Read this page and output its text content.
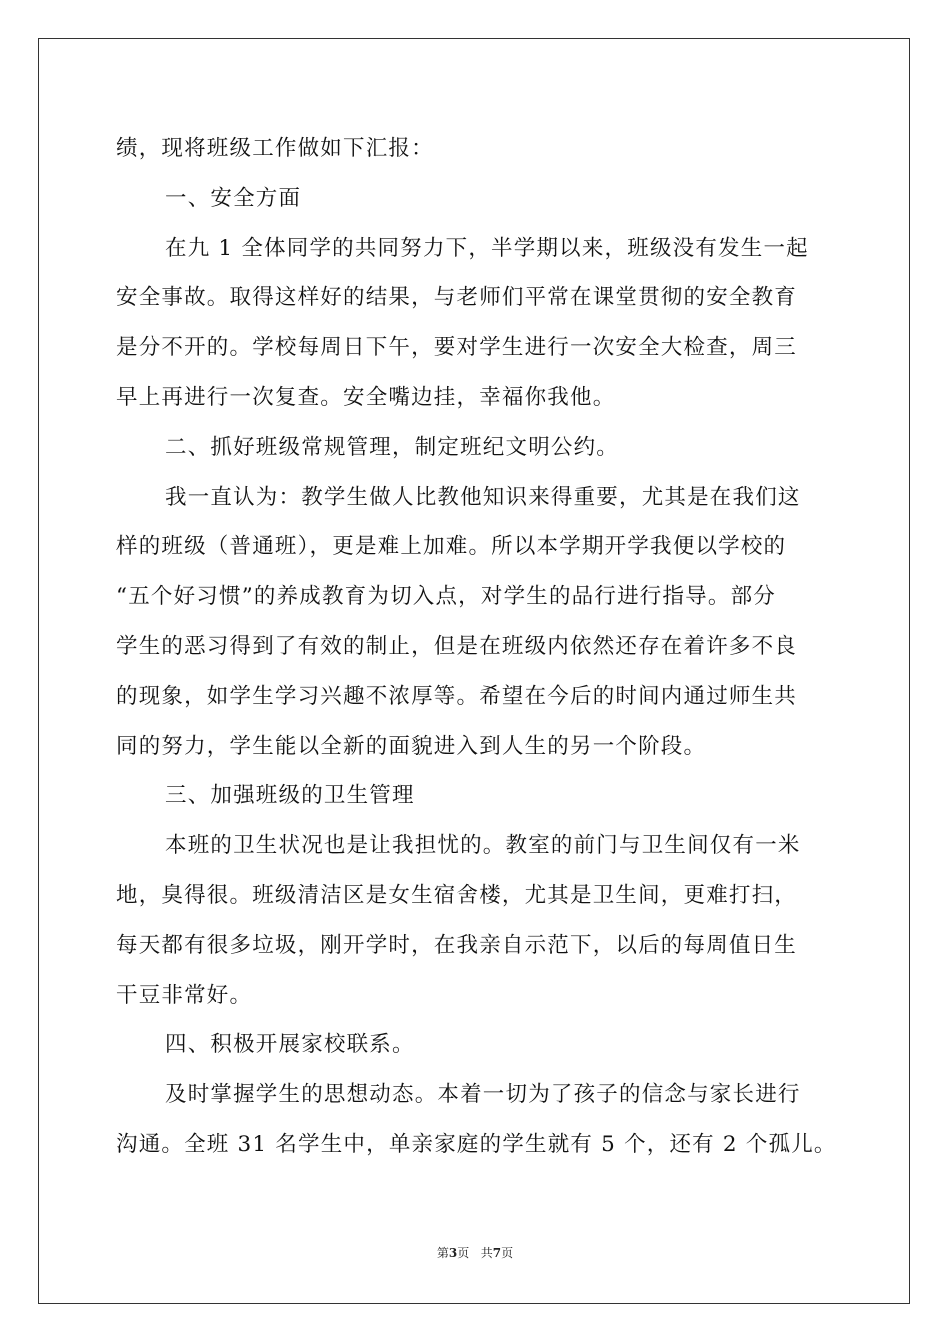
绩，现将班级工作做如下汇报：
一、安全方面
在九 1 全体同学的共同努力下，半学期以来，班级没有发生一起
安全事故。取得这样好的结果，与老师们平常在课堂贯彻的安全教育
是分不开的。学校每周日下午，要对学生进行一次安全大检查，周三
早上再进行一次复查。安全嘴边挂，幸福你我他。
二、抓好班级常规管理，制定班纪文明公约。
我一直认为：教学生做人比教他知识来得重要，尤其是在我们这
样的班级（普通班），更是难上加难。所以本学期开学我便以学校的
“五个好习惯”的养成教育为切入点，对学生的品行进行指导。部分
学生的恶习得到了有效的制止，但是在班级内依然还存在着许多不良
的现象，如学生学习兴趣不浓厚等。希望在今后的时间内通过师生共
同的努力，学生能以全新的面貌进入到人生的另一个阶段。
三、加强班级的卫生管理
本班的卫生状况也是让我担忧的。教室的前门与卫生间仅有一米
地，臭得很。班级清洁区是女生宿舍楼，尤其是卫生间，更难打扫，
每天都有很多垃圾，刚开学时，在我亲自示范下，以后的每周值日生
干豆非常好。
四、积极开展家校联系。
及时掌握学生的思想动态。本着一切为了孩子的信念与家长进行
沟通。全班 31 名学生中，单亲家庭的学生就有 5 个，还有 2 个孤儿。
第3页 共7页
